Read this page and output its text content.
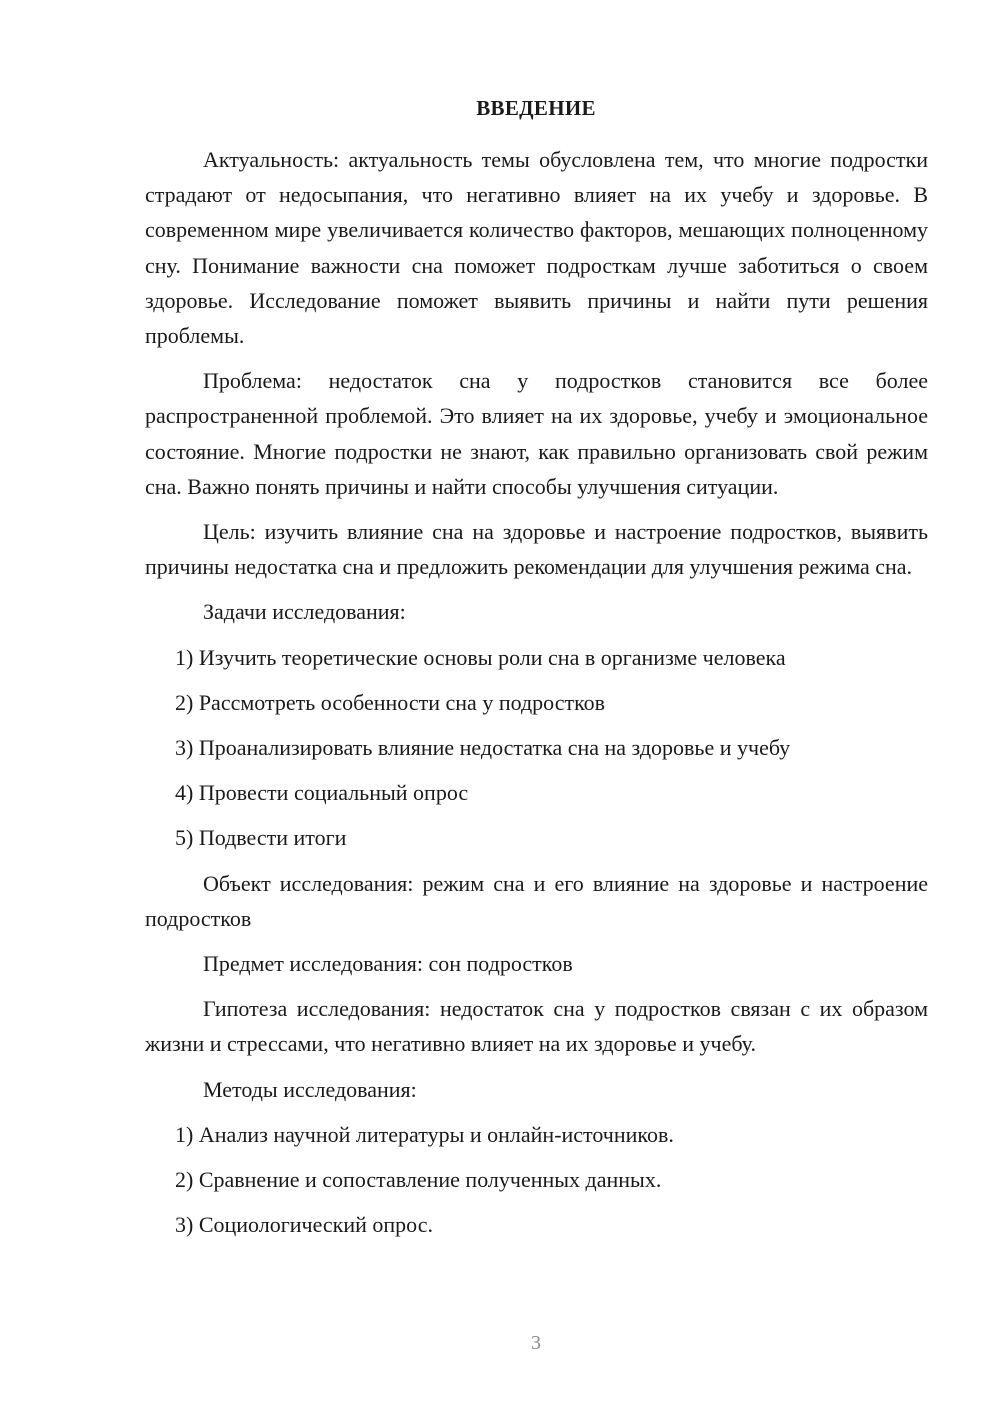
ВВЕДЕНИЕ

Актуальность: актуальность темы обусловлена тем, что многие подростки страдают от недосыпания, что негативно влияет на их учебу и здоровье. В современном мире увеличивается количество факторов, мешающих полноценному сну. Понимание важности сна поможет подросткам лучше заботиться о своем здоровье. Исследование поможет выявить причины и найти пути решения проблемы.

Проблема: недостаток сна у подростков становится все более распространенной проблемой. Это влияет на их здоровье, учебу и эмоциональное состояние. Многие подростки не знают, как правильно организовать свой режим сна. Важно понять причины и найти способы улучшения ситуации.

Цель: изучить влияние сна на здоровье и настроение подростков, выявить причины недостатка сна и предложить рекомендации для улучшения режима сна.

Задачи исследования:

1) Изучить теоретические основы роли сна в организме человека
2) Рассмотреть особенности сна у подростков
3) Проанализировать влияние недостатка сна на здоровье и учебу
4) Провести социальный опрос
5) Подвести итоги

Объект исследования: режим сна и его влияние на здоровье и настроение подростков

Предмет исследования: сон подростков

Гипотеза исследования: недостаток сна у подростков связан с их образом жизни и стрессами, что негативно влияет на их здоровье и учебу.

Методы исследования:

1) Анализ научной литературы и онлайн-источников.
2) Сравнение и сопоставление полученных данных.
3) Социологический опрос.
3
